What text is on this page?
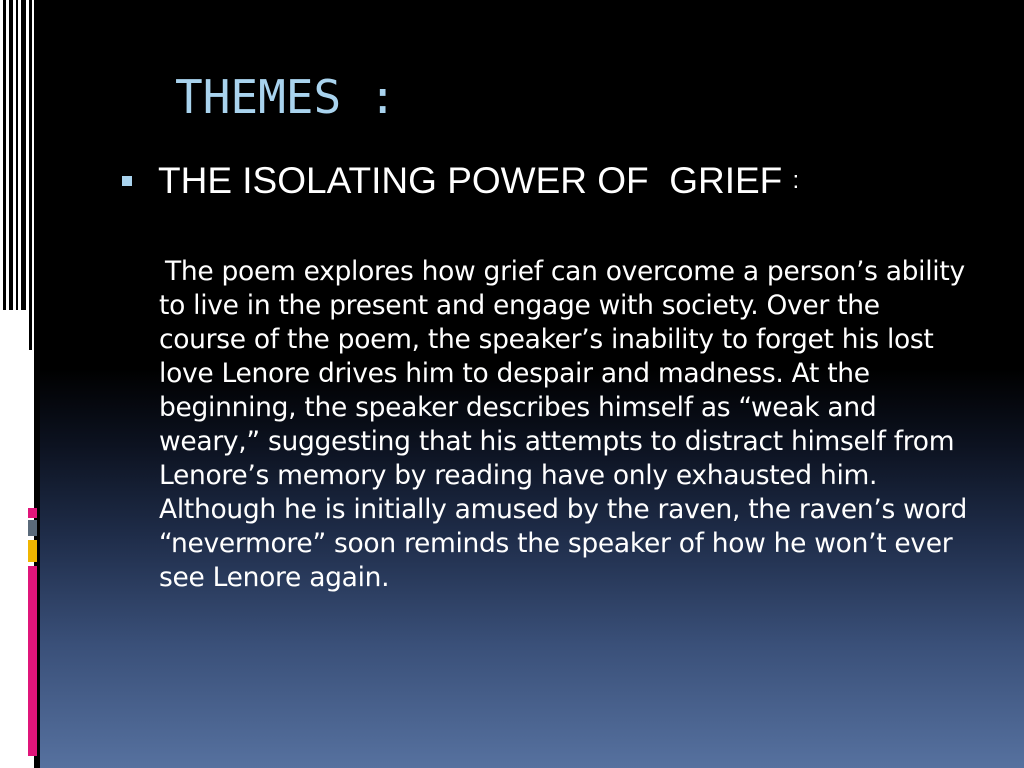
THEMES :
THE ISOLATING POWER OF  GRIEF :
The poem explores how grief can overcome a person’s ability to live in the present and engage with society. Over the course of the poem, the speaker’s inability to forget his lost love Lenore drives him to despair and madness. At the beginning, the speaker describes himself as “weak and weary,” suggesting that his attempts to distract himself from Lenore’s memory by reading have only exhausted him. Although he is initially amused by the raven, the raven’s word “nevermore” soon reminds the speaker of how he won’t ever see Lenore again.
